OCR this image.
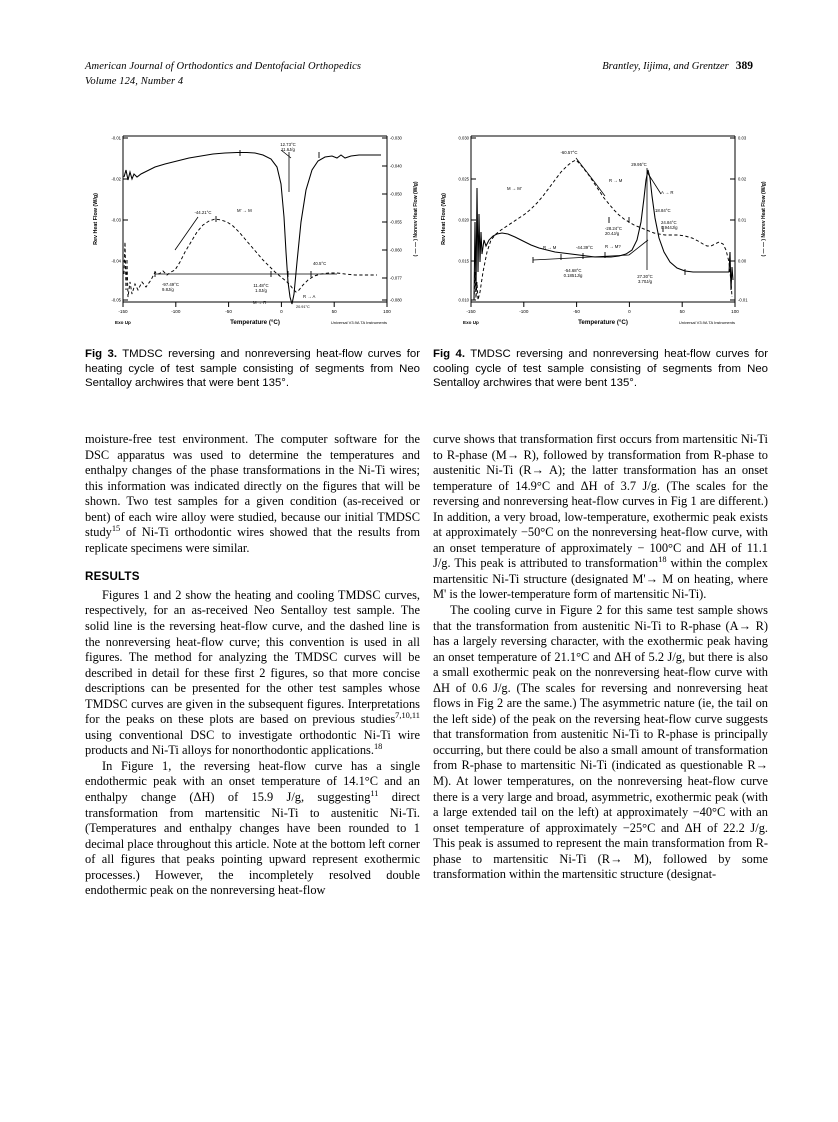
American Journal of Orthodontics and Dentofacial Orthopedics
Volume 124, Number 4
Brantley, Iijima, and Grentzer 389
-0.01
-0.02
-0.03
-0.04
-0.05
-0.030
-0.040
-0.050
-0.055
-0.060
-0.077
-0.080
-150	-100	-50	0	50	100
Temperature (°C)
Rev Heat Flow (W/g)	( — — ) Nonrev Heat Flow (W/g)
Exo Up	Universal V3.9A TA Instruments
12.73°C
11.6J/g
-44.21°C	M' → M
-97.49°C
9.8J/g
11.48°C
1.0J/g
M → R
R → A
40.5°C
20.91°C
0.030
0.025
0.020
0.015
0.010
0.03
0.02
0.01
0.00
-0.01
-150	-100	-50	0	50	100
Temperature (°C)
Rev Heat Flow (W/g)	( — — ) Nonrev Heat Flow (W/g)
Exo Up	Universal V3.9A TA Instruments
-60.57°C
M → M'
R → M
A → R
29.95°C
18.84°C
24.84°C
0.944J/g
-28.24°C
20.4J/g
R → M	-44.39°C	R → M?
-54.68°C
0.1851J/g	27.30°C
3.70J/g
Fig 3. TMDSC reversing and nonreversing heat-flow curves for heating cycle of test sample consisting of segments from Neo Sentalloy archwires that were bent 135°.
Fig 4. TMDSC reversing and nonreversing heat-flow curves for cooling cycle of test sample consisting of segments from Neo Sentalloy archwires that were bent 135°.

moisture-free test environment. The computer software for the DSC apparatus was used to determine the temperatures and enthalpy changes of the phase transformations in the Ni-Ti wires; this information was indicated directly on the figures that will be shown. Two test samples for a given condition (as-received or bent) of each wire alloy were studied, because our initial TMDSC study$^{15}$ of Ni-Ti orthodontic wires showed that the results from replicate specimens were similar.

RESULTS

Figures 1 and 2 show the heating and cooling TMDSC curves, respectively, for an as-received Neo Sentalloy test sample. The solid line is the reversing heat-flow curve, and the dashed line is the nonreversing heat-flow curve; this convention is used in all figures. The method for analyzing the TMDSC curves will be described in detail for these first 2 figures, so that more concise descriptions can be presented for the other test samples whose TMDSC curves are given in the subsequent figures. Interpretations for the peaks on these plots are based on previous studies$^{7,10,11}$ using conventional DSC to investigate orthodontic Ni-Ti wire products and Ni-Ti alloys for nonorthodontic applications.$^{18}$

In Figure 1, the reversing heat-flow curve has a single endothermic peak with an onset temperature of 14.1°C and an enthalpy change (ΔH) of 15.9 J/g, suggesting$^{11}$ direct transformation from martensitic Ni-Ti to austenitic Ni-Ti. (Temperatures and enthalpy changes have been rounded to 1 decimal place throughout this article. Note at the bottom left corner of all figures that peaks pointing upward represent exothermic processes.) However, the incompletely resolved double endothermic peak on the nonreversing heat-flow

curve shows that transformation first occurs from martensitic Ni-Ti to R-phase (M→ R), followed by transformation from R-phase to austenitic Ni-Ti (R→ A); the latter transformation has an onset temperature of 14.9°C and ΔH of 3.7 J/g. (The scales for the reversing and nonreversing heat-flow curves in Fig 1 are different.) In addition, a very broad, low-temperature, exothermic peak exists at approximately −50°C on the nonreversing heat-flow curve, with an onset temperature of approximately − 100°C and ΔH of 11.1 J/g. This peak is attributed to transformation$^{18}$ within the complex martensitic Ni-Ti structure (designated M'→ M on heating, where M' is the lower-temperature form of martensitic Ni-Ti).

The cooling curve in Figure 2 for this same test sample shows that the transformation from austenitic Ni-Ti to R-phase (A→ R) has a largely reversing character, with the exothermic peak having an onset temperature of 21.1°C and ΔH of 5.2 J/g, but there is also a small exothermic peak on the nonreversing heat-flow curve with ΔH of 0.6 J/g. (The scales for reversing and nonreversing heat flows in Fig 2 are the same.) The asymmetric nature (ie, the tail on the left side) of the peak on the reversing heat-flow curve suggests that transformation from austenitic Ni-Ti to R-phase is principally occurring, but there could be also a small amount of transformation from R-phase to martensitic Ni-Ti (indicated as questionable R→ M). At lower temperatures, on the nonreversing heat-flow curve there is a very large and broad, asymmetric, exothermic peak (with a large extended tail on the left) at approximately −40°C with an onset temperature of approximately −25°C and ΔH of 22.2 J/g. This peak is assumed to represent the main transformation from R-phase to martensitic Ni-Ti (R→ M), followed by some transformation within the martensitic structure (designat-
